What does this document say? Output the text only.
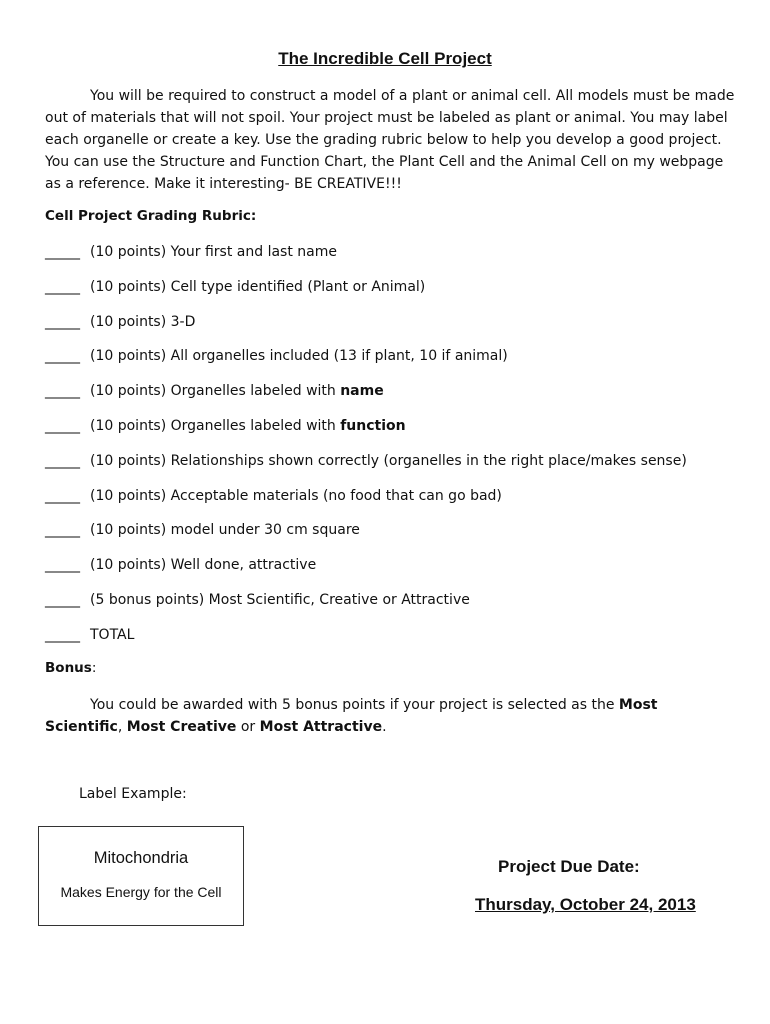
The Incredible Cell Project

You will be required to construct a model of a plant or animal cell. All models must be made out of materials that will not spoil. Your project must be labeled as plant or animal. You may label each organelle or create a key. Use the grading rubric below to help you develop a good project. You can use the Structure and Function Chart, the Plant Cell and the Animal Cell on my webpage as a reference. Make it interesting- BE CREATIVE!!!

Cell Project Grading Rubric:
_____ (10 points) Your first and last name
_____ (10 points) Cell type identified (Plant or Animal)
_____ (10 points) 3-D
_____ (10 points) All organelles included (13 if plant, 10 if animal)
_____ (10 points) Organelles labeled with name
_____ (10 points) Organelles labeled with function
_____ (10 points) Relationships shown correctly (organelles in the right place/makes sense)
_____ (10 points) Acceptable materials (no food that can go bad)
_____ (10 points) model under 30 cm square
_____ (10 points) Well done, attractive
_____ (5 bonus points) Most Scientific, Creative or Attractive
_____ TOTAL
Bonus:

You could be awarded with 5 bonus points if your project is selected as the Most Scientific, Most Creative or Most Attractive.

Label Example:
Mitochondria
Makes Energy for the Cell
Project Due Date:
Thursday, October 24, 2013
